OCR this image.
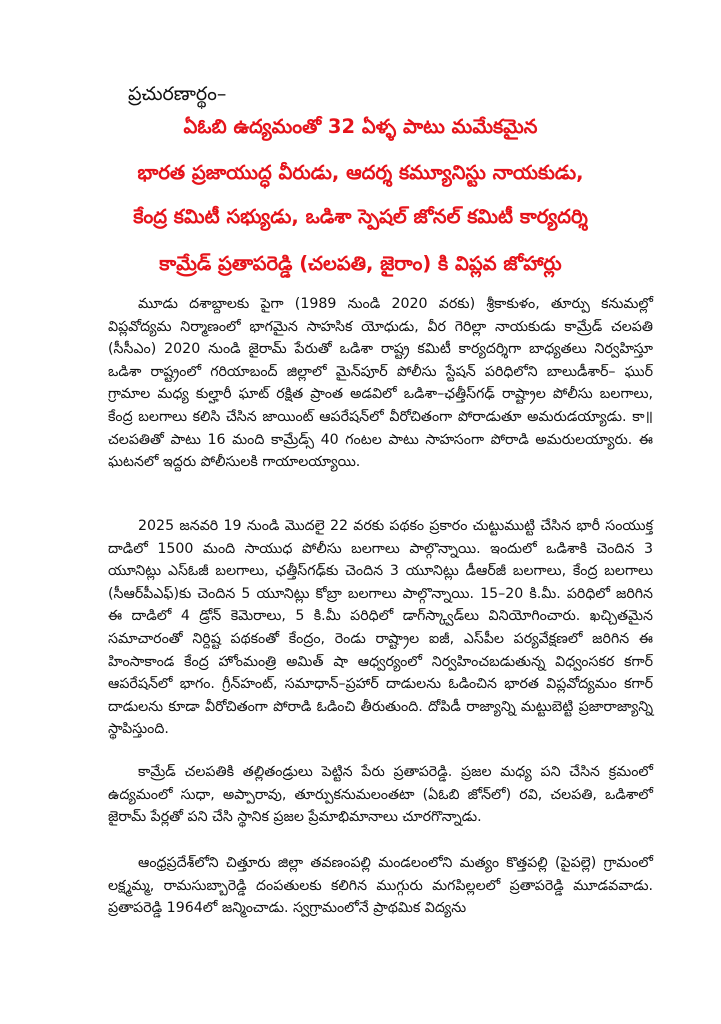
ప్రచురణార్థం–
ఏఓబి ఉద్యమంతో 32 ఏళ్ళ పాటు మమేకమైన
భారత ప్రజాయుద్ధ వీరుడు, ఆదర్శ కమ్యూనిస్టు నాయకుడు,
కేంద్ర కమిటీ సభ్యుడు, ఒడిశా స్పెషల్ జోనల్ కమిటీ కార్యదర్శి
కామ్రేడ్ ప్రతాపరెడ్డి (చలపతి, జైరాం) కి విప్లవ జోహార్లు

మూడు దశాబ్దాలకు పైగా (1989 నుండి 2020 వరకు) శ్రీకాకుళం, తూర్పు కనుమల్లో విప్లవోద్యమ నిర్మాణంలో భాగమైన సాహసిక యోధుడు, వీర గెరిల్లా నాయకుడు కామ్రేడ్ చలపతి (సీసీఎం) 2020 నుండి జైరామ్ పేరుతో ఒడిశా రాష్ట్ర కమిటీ కార్యదర్శిగా బాధ్యతలు నిర్వహిస్తూ ఒడిశా రాష్ట్రంలో గరియాబంద్ జిల్లాలో మైన్‌పూర్ పోలీసు స్టేషన్ పరిధిలోని బాలుడీశార్– ఘుర్ గ్రామాల మధ్య కుల్హారీ ఘాట్ రక్షిత ప్రాంత అడవిలో ఒడిశా–ఛత్తీస్‌గఢ్ రాష్ట్రాల పోలీసు బలగాలు, కేంద్ర బలగాలు కలిసి చేసిన జాయింట్ ఆపరేషన్‌లో వీరోచితంగా పోరాడుతూ అమరుడయ్యాడు. కా॥ చలపతితో పాటు 16 మంది కామ్రేడ్స్ 40 గంటల పాటు సాహసంగా పోరాడి అమరులయ్యారు. ఈ ఘటనలో ఇద్దరు పోలీసులకి గాయాలయ్యాయి.

2025 జనవరి 19 నుండి మొదలై 22 వరకు పథకం ప్రకారం చుట్టుముట్టి చేసిన భారీ సంయుక్త దాడిలో 1500 మంది సాయుధ పోలీసు బలగాలు పాల్గొన్నాయి. ఇందులో ఒడిశాకి చెందిన 3 యూనిట్లు ఎస్‌ఓజీ బలగాలు, ఛత్తీస్‌గఢ్‌కు చెందిన 3 యూనిట్లు డీఆర్‌జీ బలగాలు, కేంద్ర బలగాలు (సీఆర్‌పీఎఫ్)కు చెందిన 5 యూనిట్లు కోబ్రా బలగాలు పాల్గొన్నాయి. 15–20 కి.మీ. పరిధిలో జరిగిన ఈ దాడిలో 4 డ్రోన్ కెమెరాలు, 5 కి.మీ పరిధిలో డాగ్‌స్క్వాడ్‌లు వినియోగించారు. ఖచ్చితమైన సమాచారంతో నిర్దిష్ట పథకంతో కేంద్రం, రెండు రాష్ట్రాల ఐజీ, ఎస్‌పీల పర్యవేక్షణలో జరిగిన ఈ హింసాకాండ కేంద్ర హోంమంత్రి అమిత్ షా ఆధ్వర్యంలో నిర్వహించబడుతున్న విధ్వంసకర కగార్ ఆపరేషన్‌లో భాగం. గ్రీన్‌హంట్, సమాధాన్–ప్రహార్ దాడులను ఓడించిన భారత విప్లవోద్యమం కగార్ దాడులను కూడా వీరోచితంగా పోరాడి ఓడించి తీరుతుంది. దోపిడీ రాజ్యాన్ని మట్టుబెట్టి ప్రజారాజ్యాన్ని స్థాపిస్తుంది.

కామ్రేడ్ చలపతికి తల్లితండ్రులు పెట్టిన పేరు ప్రతాపరెడ్డి. ప్రజల మధ్య పని చేసిన క్రమంలో ఉద్యమంలో సుధా, అప్పారావు, తూర్పుకనుమలంతటా (ఏఓబి జోన్‌లో) రవి, చలపతి, ఒడిశాలో జైరామ్ పేర్లతో పని చేసి స్థానిక ప్రజల ప్రేమాభిమానాలు చూరగొన్నాడు.

ఆంధ్రప్రదేశ్‌లోని చిత్తూరు జిల్లా తవణంపల్లి మండలంలోని మత్యం కొత్తపల్లి (పైపల్లె) గ్రామంలో లక్ష్మమ్మ, రామసుబ్బారెడ్డి దంపతులకు కలిగిన ముగ్గురు మగపిల్లలలో ప్రతాపరెడ్డి మూడవవాడు. ప్రతాపరెడ్డి 1964లో జన్మించాడు. స్వగ్రామంలోనే ప్రాథమిక విద్యను
